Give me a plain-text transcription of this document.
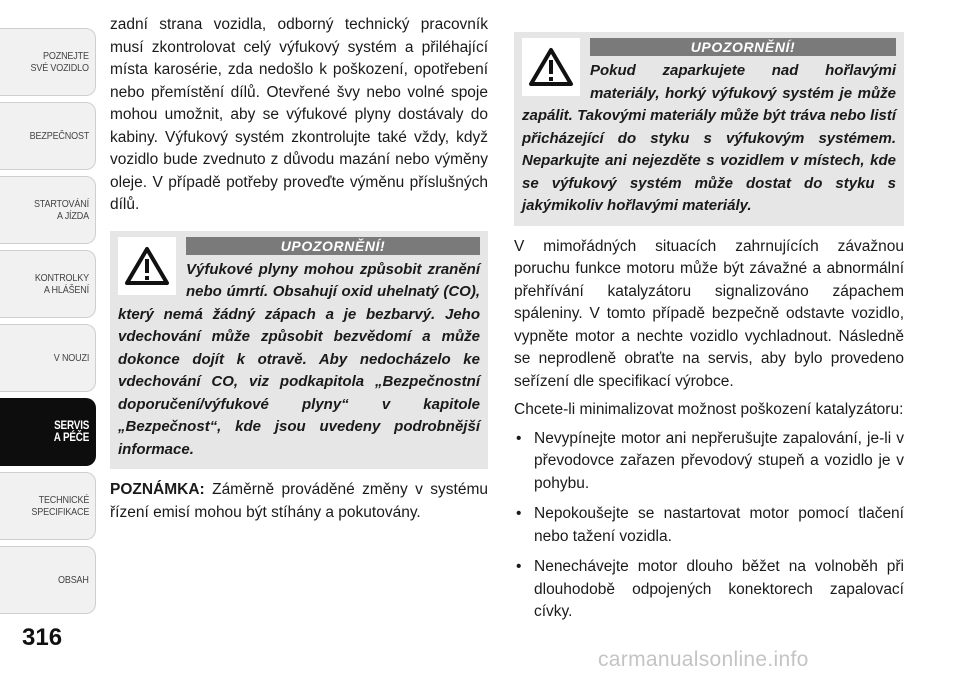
POZNEJTE
SVÉ VOZIDLO
BEZPEČNOST
STARTOVÁNÍ
A JÍZDA
KONTROLKY
A HLÁŠENÍ
V NOUZI
SERVIS
A PÉČE
TECHNICKÉ
SPECIFIKACE
OBSAH
316

zadní strana vozidla, odborný technický pracovník musí zkontrolovat celý výfukový systém a přiléhající místa karosérie, zda nedošlo k poškození, opotřebení nebo přemístění dílů. Otevřené švy nebo volné spoje mohou umožnit, aby se výfukové plyny dostávaly do kabiny. Výfukový systém zkontrolujte také vždy, když vozidlo bude zvednuto z důvodu mazání nebo výměny oleje. V případě potřeby proveďte výměnu příslušných dílů.

UPOZORNĚNÍ!

Výfukové plyny mohou způsobit zranění nebo úmrtí. Obsahují oxid uhelnatý (CO), který nemá žádný zápach a je bezbarvý. Jeho vdechování může způsobit bezvědomí a může dokonce dojít k otravě. Aby nedocházelo ke vdechování CO, viz podkapitola „Bezpečnostní doporučení/výfukové plyny“ v kapitole „Bezpečnost“, kde jsou uvedeny podrobnější informace.

POZNÁMKA: Záměrně prováděné změny v systému řízení emisí mohou být stíhány a pokutovány.

UPOZORNĚNÍ!

Pokud zaparkujete nad hořlavými materiály, horký výfukový systém je může zapálit. Takovými materiály může být tráva nebo listí přicházející do styku s výfukovým systémem. Neparkujte ani nejezděte s vozidlem v místech, kde se výfukový systém může dostat do styku s jakýmikoliv hořlavými materiály.

V mimořádných situacích zahrnujících závažnou poruchu funkce motoru může být závažné a abnormální přehřívání katalyzátoru signalizováno zápachem spáleniny. V tomto případě bezpečně odstavte vozidlo, vypněte motor a nechte vozidlo vychladnout. Následně se neprodleně obraťte na servis, aby bylo provedeno seřízení dle specifikací výrobce.

Chcete-li minimalizovat možnost poškození katalyzátoru:

• Nevypínejte motor ani nepřerušujte zapalování, je-li v převodovce zařazen převodový stupeň a vozidlo je v pohybu.
• Nepokoušejte se nastartovat motor pomocí tlačení nebo tažení vozidla.
• Nenechávejte motor dlouho běžet na volnoběh při dlouhodobě odpojených konektorech zapalovací cívky.
carmanualsonline.info
